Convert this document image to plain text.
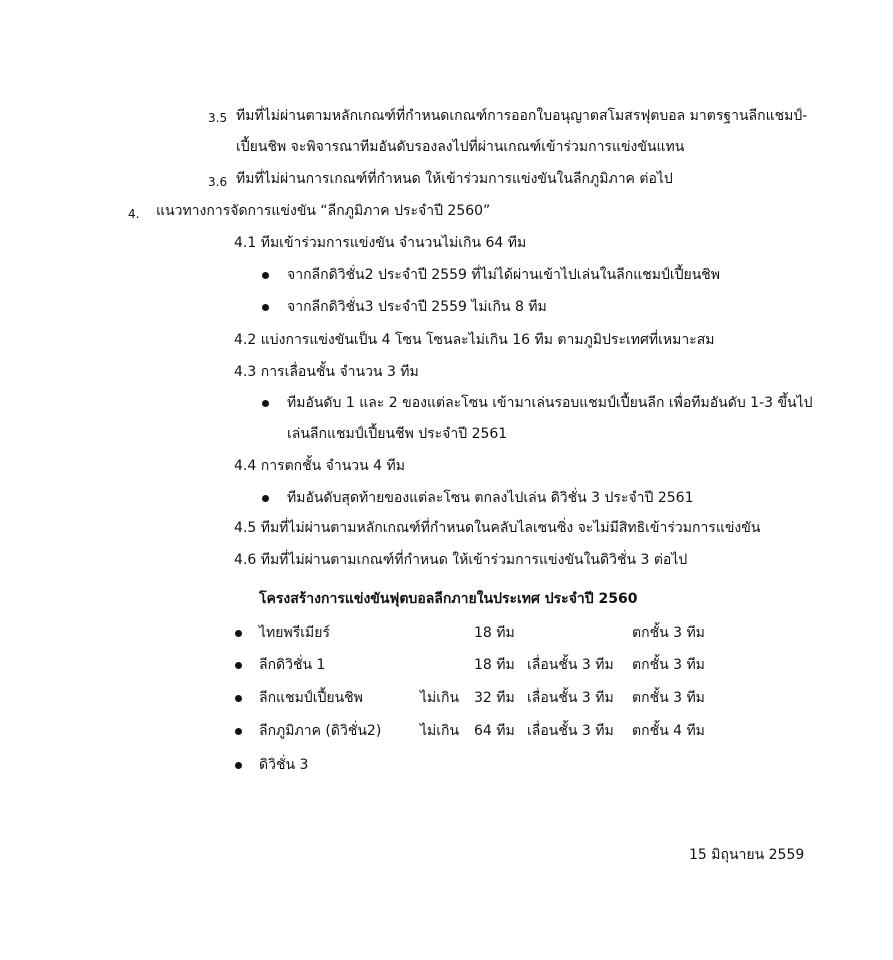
3.5 ทีมที่ไม่ผ่านตามหลักเกณฑ์ที่กำหนดเกณฑ์การออกใบอนุญาตสโมสรฟุตบอล มาตรฐานลีกแชมป์-
เปี้ยนชิพ จะพิจารณาทีมอันดับรองลงไปที่ผ่านเกณฑ์เข้าร่วมการแข่งขันแทน
3.6 ทีมที่ไม่ผ่านการเกณฑ์ที่กำหนด ให้เข้าร่วมการแข่งขันในลีกภูมิภาค ต่อไป
4. แนวทางการจัดการแข่งขัน “ลีกภูมิภาค ประจำปี 2560”
4.1 ทีมเข้าร่วมการแข่งขัน จำนวนไม่เกิน 64 ทีม
จากลีกดิวิชั่น2 ประจำปี 2559 ที่ไม่ได้ผ่านเข้าไปเล่นในลีกแชมป์เปี้ยนชิพ
จากลีกดิวิชั่น3 ประจำปี 2559 ไม่เกิน 8 ทีม
4.2 แบ่งการแข่งขันเป็น 4 โซน โซนละไม่เกิน 16 ทีม ตามภูมิประเทศที่เหมาะสม
4.3 การเลื่อนชั้น จำนวน 3 ทีม
ทีมอันดับ 1 และ 2 ของแต่ละโซน เข้ามาเล่นรอบแชมป์เปี้ยนลีก เพื่อทีมอันดับ 1-3 ขึ้นไป
เล่นลีกแชมป์เปี้ยนชีพ ประจำปี 2561
4.4 การตกชั้น จำนวน 4 ทีม
ทีมอันดับสุดท้ายของแต่ละโซน ตกลงไปเล่น ดิวิชั่น 3 ประจำปี 2561
4.5 ทีมที่ไม่ผ่านตามหลักเกณฑ์ที่กำหนดในคลับไลเซนซิ่ง จะไม่มีสิทธิเข้าร่วมการแข่งขัน
4.6 ทีมที่ไม่ผ่านตามเกณฑ์ที่กำหนด ให้เข้าร่วมการแข่งขันในดิวิชั่น 3 ต่อไป
โครงสร้างการแข่งขันฟุตบอลลีกภายในประเทศ ประจำปี 2560
ไทยพรีเมียร์	18 ทีม	ตกชั้น 3 ทีม
ลีกดิวิชั่น 1	18 ทีม เลื่อนชั้น 3 ทีม ตกชั้น 3 ทีม
ลีกแชมป์เปี้ยนชิพ	ไม่เกิน 32 ทีม เลื่อนชั้น 3 ทีม ตกชั้น 3 ทีม
ลีกภูมิภาค (ดิวิชั่น2)	ไม่เกิน 64 ทีม เลื่อนชั้น 3 ทีม ตกชั้น 4 ทีม
ดิวิชั่น 3
15 มิถุนายน 2559
